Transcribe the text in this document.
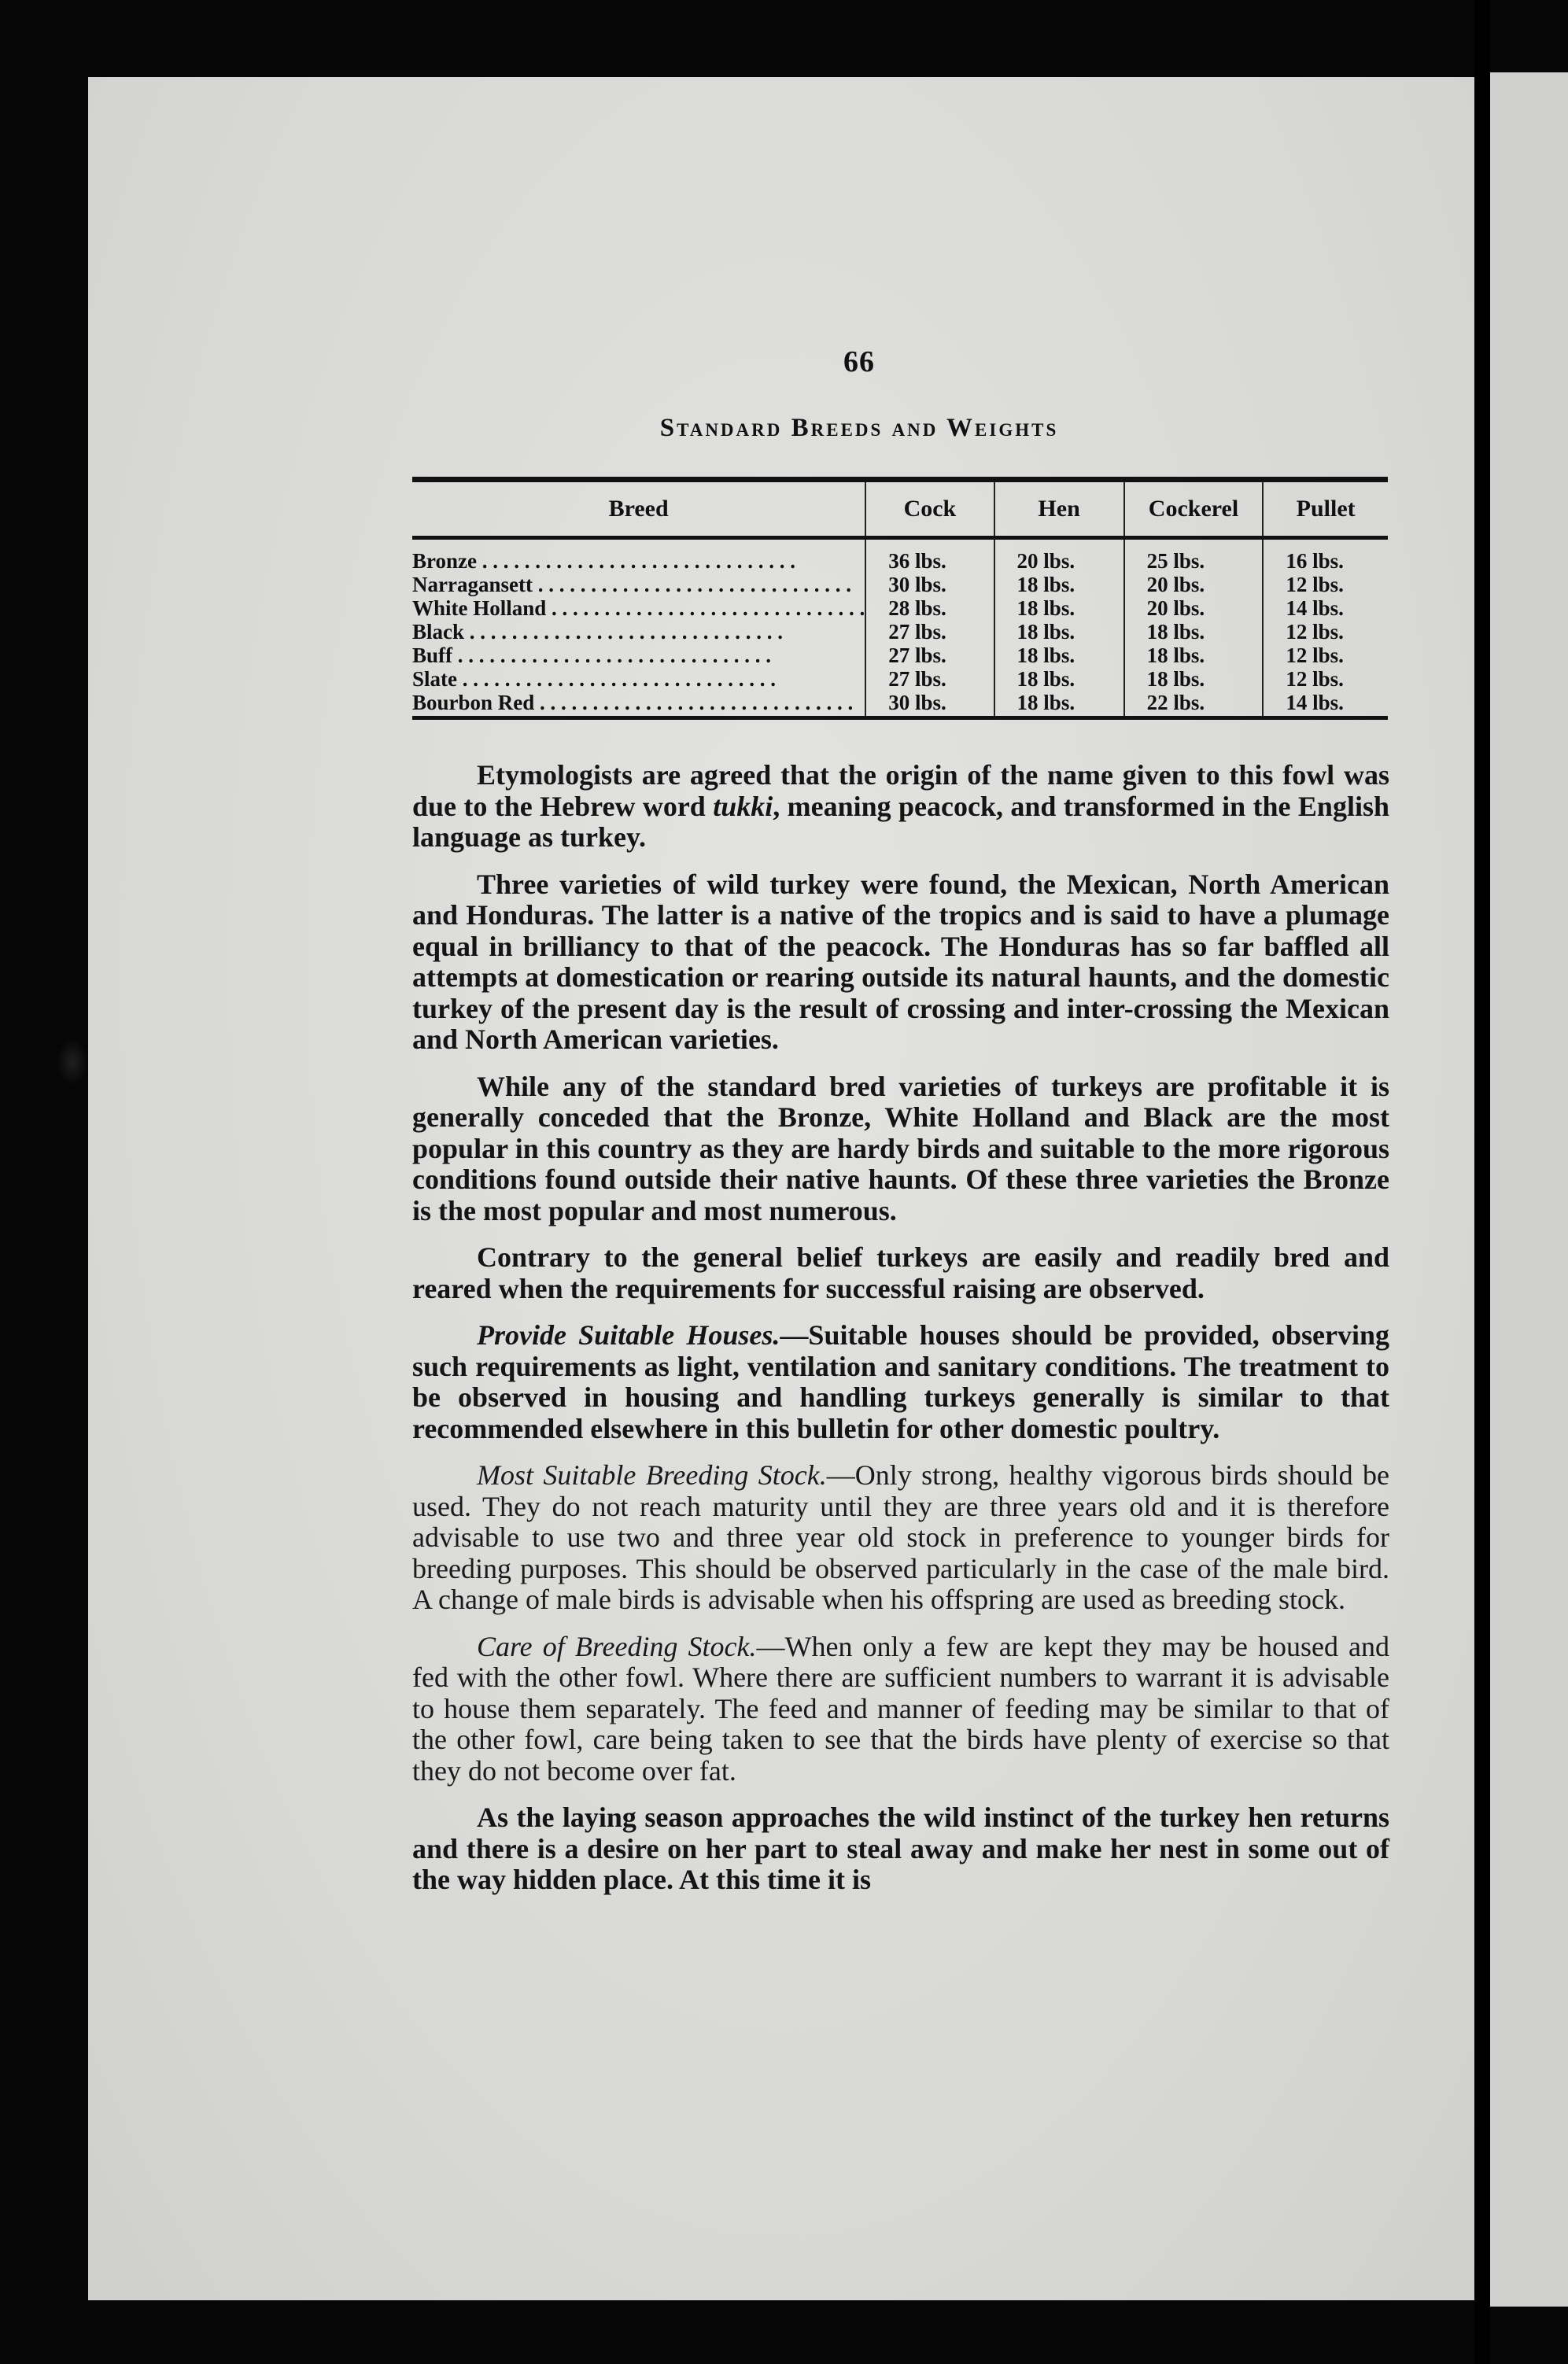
66
Standard Breeds and Weights
Breed	Cock	Hen	Cockerel	Pullet
Bronze . . .	36 lbs.	20 lbs.	25 lbs.	16 lbs.
Narragansett . . .	30 lbs.	18 lbs.	20 lbs.	12 lbs.
White Holland . . .	28 lbs.	18 lbs.	20 lbs.	14 lbs.
Black . . .	27 lbs.	18 lbs.	18 lbs.	12 lbs.
Buff . . .	27 lbs.	18 lbs.	18 lbs.	12 lbs.
Slate . . .	27 lbs.	18 lbs.	18 lbs.	12 lbs.
Bourbon Red . . .	30 lbs.	18 lbs.	22 lbs.	14 lbs.

Etymologists are agreed that the origin of the name given to this fowl was due to the Hebrew word tukki, meaning peacock, and transformed in the English language as turkey.

Three varieties of wild turkey were found, the Mexican, North American and Honduras. The latter is a native of the tropics and is said to have a plumage equal in brilliancy to that of the peacock. The Honduras has so far baffled all attempts at domestication or rearing outside its natural haunts, and the domestic turkey of the present day is the result of crossing and inter-crossing the Mexican and North American varieties.

While any of the standard bred varieties of turkeys are profitable it is generally conceded that the Bronze, White Holland and Black are the most popular in this country as they are hardy birds and suitable to the more rigorous conditions found outside their native haunts. Of these three varieties the Bronze is the most popular and most numerous.

Contrary to the general belief turkeys are easily and readily bred and reared when the requirements for successful raising are observed.

Provide Suitable Houses.—Suitable houses should be provided, observing such requirements as light, ventilation and sanitary conditions. The treatment to be observed in housing and handling turkeys generally is similar to that recommended elsewhere in this bulletin for other domestic poultry.

Most Suitable Breeding Stock.—Only strong, healthy vigorous birds should be used. They do not reach maturity until they are three years old and it is therefore advisable to use two and three year old stock in preference to younger birds for breeding purposes. This should be observed particularly in the case of the male bird. A change of male birds is advisable when his offspring are used as breeding stock.

Care of Breeding Stock.—When only a few are kept they may be housed and fed with the other fowl. Where there are sufficient numbers to warrant it is advisable to house them separately. The feed and manner of feeding may be similar to that of the other fowl, care being taken to see that the birds have plenty of exercise so that they do not become over fat.

As the laying season approaches the wild instinct of the turkey hen returns and there is a desire on her part to steal away and make her nest in some out of the way hidden place. At this time it is
